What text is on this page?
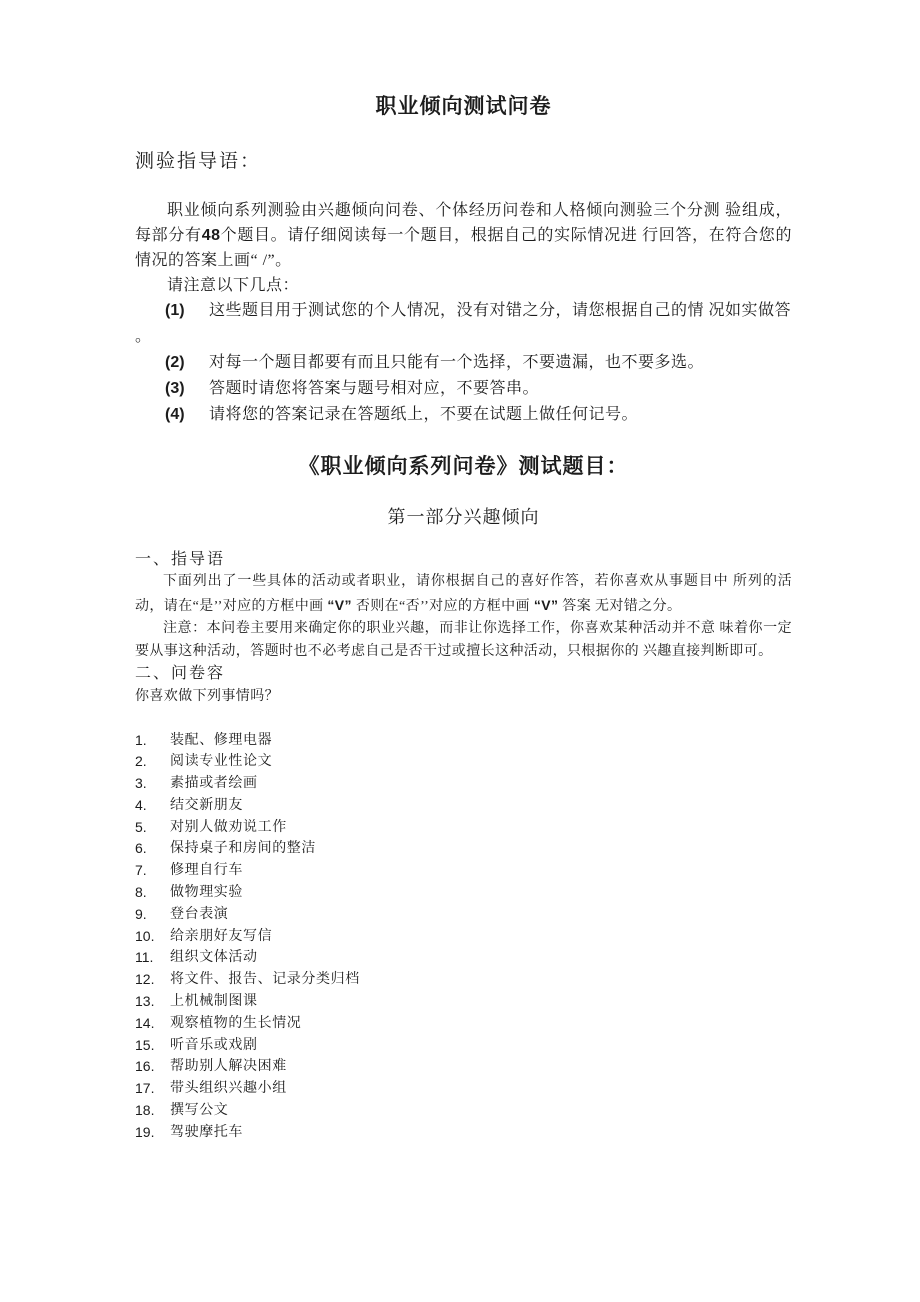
职业倾向测试问卷
测验指导语：

职业倾向系列测验由兴趣倾向问卷、个体经历问卷和人格倾向测验三个分测 验组成，每部分有48个题目。请仔细阅读每一个题目，根据自己的实际情况进 行回答，在符合您的情况的答案上画“ /”。

请注意以下几点：

(1)	这些题目用于测试您的个人情况，没有对错之分，请您根据自己的情 况如实做答
。
(2)	对每一个题目都要有而且只能有一个选择，不要遗漏，也不要多选。
(3)	答题时请您将答案与题号相对应，不要答串。
(4)	请将您的答案记录在答题纸上，不要在试题上做任何记号。
《职业倾向系列问卷》测试题目：
第一部分兴趣倾向
一、指导语

下面列出了一些具体的活动或者职业，请你根据自己的喜好作答，若你喜欢从事题目中 所列的活动，请在“是’’对应的方框中画 “V” 否则在“否’’对应的方框中画 “V” 答案 无对错之分。

注意：本问卷主要用来确定你的职业兴趣，而非让你选择工作，你喜欢某种活动并不意 味着你一定要从事这种活动，答题时也不必考虑自己是否干过或擅长这种活动，只根据你的 兴趣直接判断即可。

二、问卷容

你喜欢做下列事情吗？

1.	装配、修理电器
2.	阅读专业性论文
3.	素描或者绘画
4.	结交新朋友
5.	对别人做劝说工作
6.	保持桌子和房间的整洁
7.	修理自行车
8.	做物理实验
9.	登台表演
10.	给亲朋好友写信
11.	组织文体活动
12.	将文件、报告、记录分类归档
13.	上机械制图课
14.	观察植物的生长情况
15.	听音乐或戏剧
16.	帮助别人解决困难
17.	带头组织兴趣小组
18.	撰写公文
19.	驾驶摩托车
